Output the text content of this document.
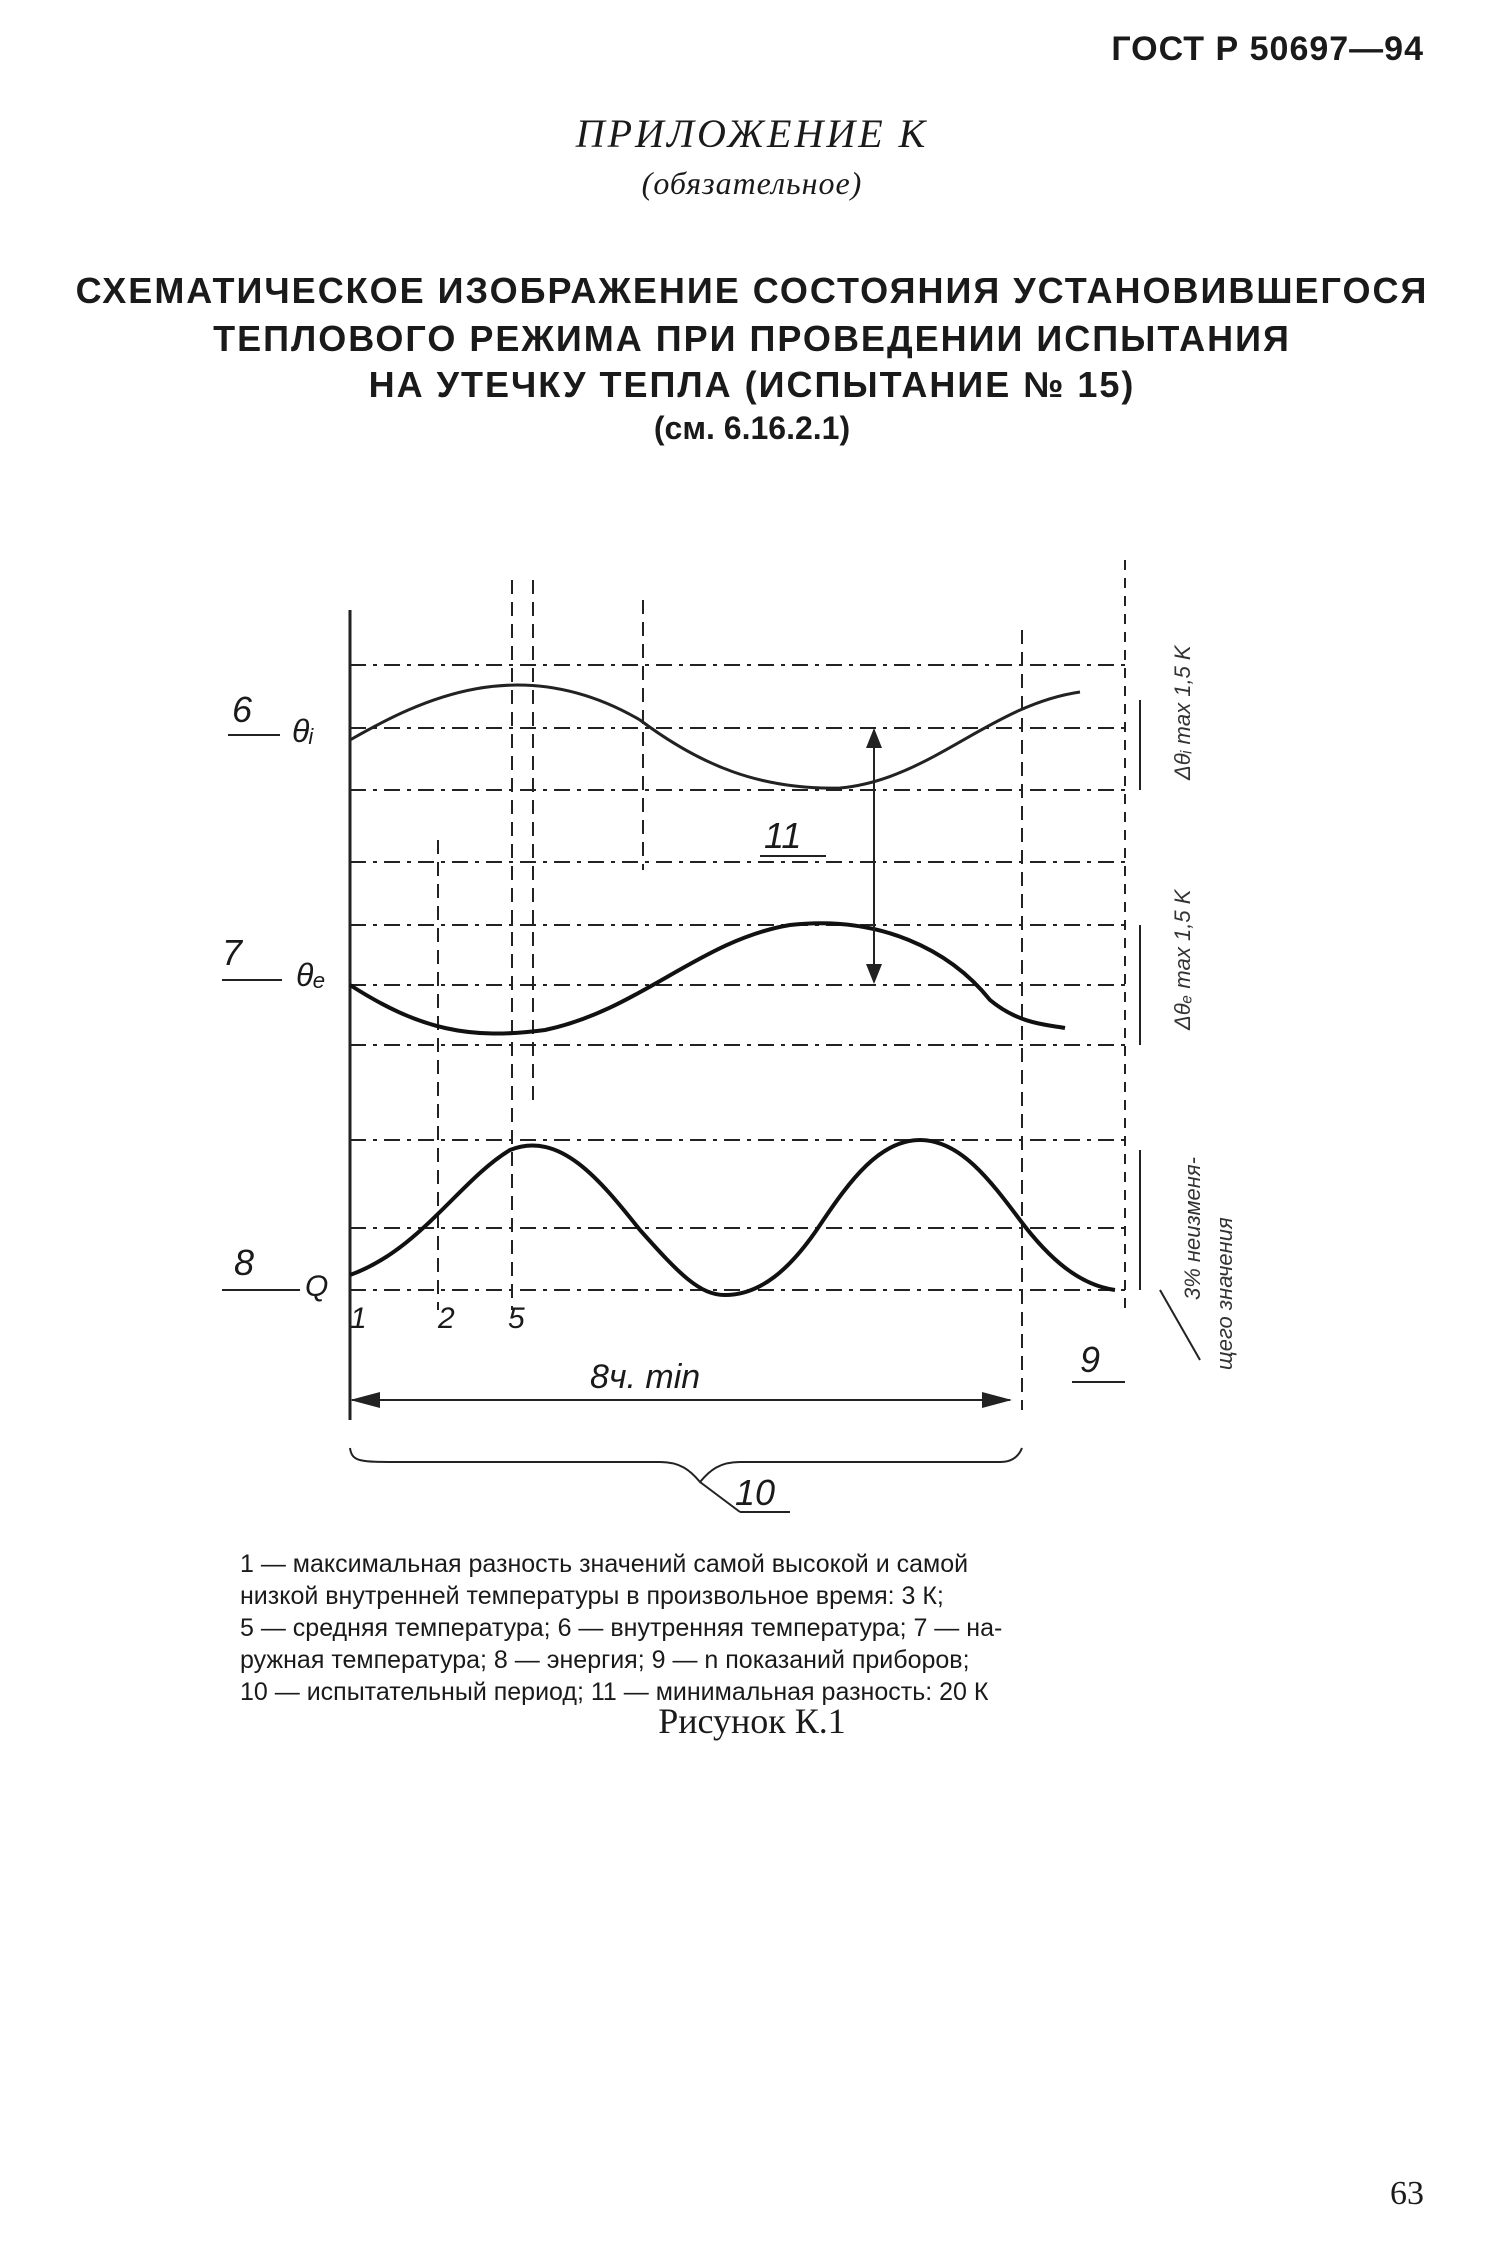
ГОСТ Р 50697—94
ПРИЛОЖЕНИЕ К
(обязательное)
СХЕМАТИЧЕСКОЕ ИЗОБРАЖЕНИЕ СОСТОЯНИЯ УСТАНОВИВШЕГОСЯ
ТЕПЛОВОГО РЕЖИМА ПРИ ПРОВЕДЕНИИ ИСПЫТАНИЯ
НА УТЕЧКУ ТЕПЛА (ИСПЫТАНИЕ № 15)
(см. 6.16.2.1)
6
θᵢ
7
θₑ
8
Q
1 2 5
9
10
11
8ч. min
Δθᵢ max 1,5 K
Δθₑ max 1,5 K
3% неизменя- щего значения
1 — максимальная разность значений самой высокой и самой
низкой внутренней температуры в произвольное время: 3 К;
5 — средняя температура; 6 — внутренняя температура; 7 — на-
ружная температура; 8 — энергия; 9 — n показаний приборов;
10 — испытательный период; 11 — минимальная разность: 20 К
Рисунок К.1
63
